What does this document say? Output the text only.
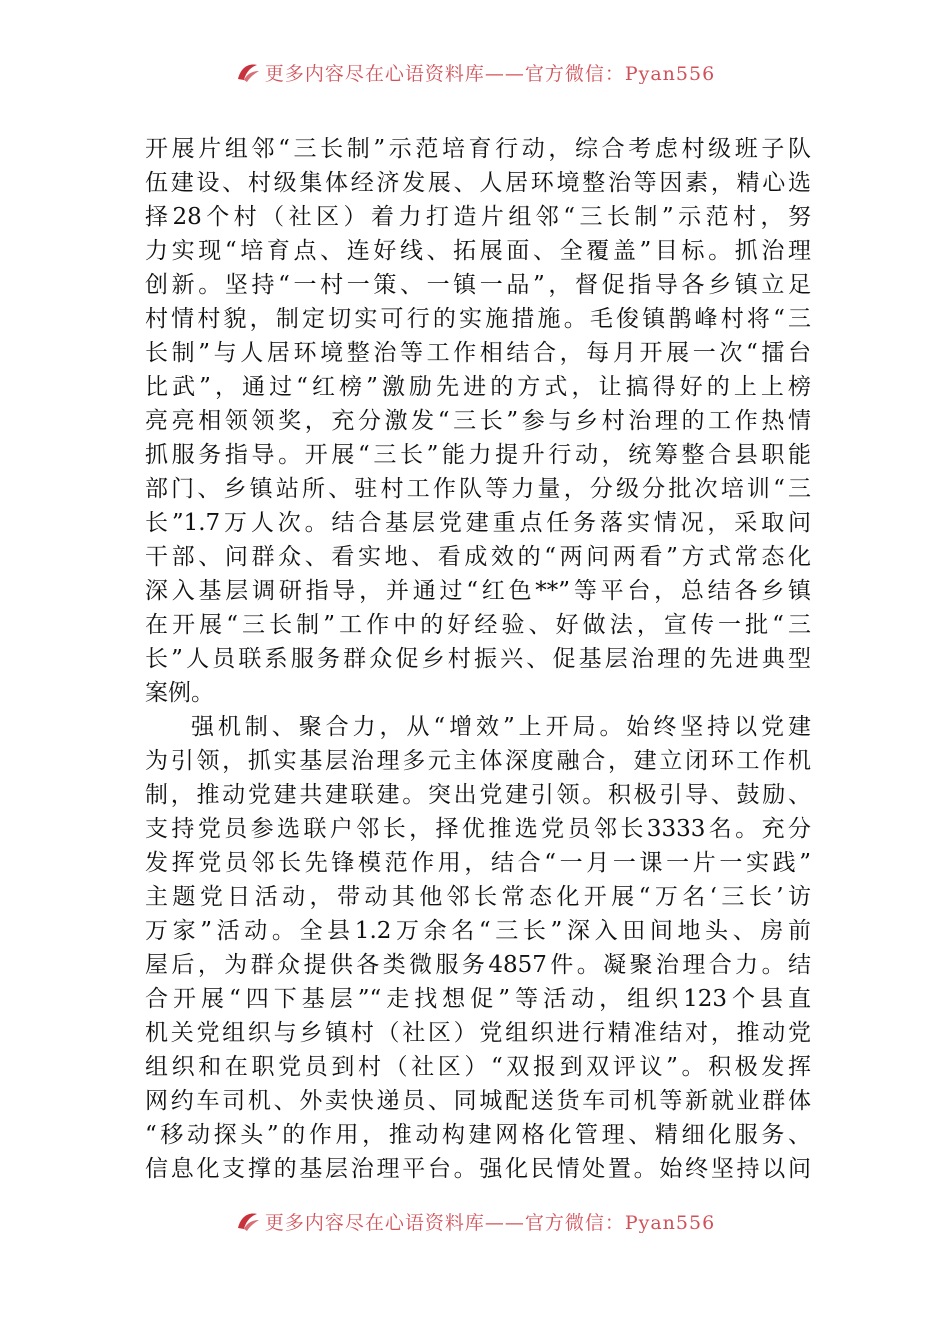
更多内容尽在心语资料库——官方微信：Pyan556
开展片组邻“三长制”示范培育行动，综合考虑村级班子队
伍建设、村级集体经济发展、人居环境整治等因素，精心选
择28个村（社区）着力打造片组邻“三长制”示范村，努
力实现“培育点、连好线、拓展面、全覆盖”目标。抓治理
创新。坚持“一村一策、一镇一品”，督促指导各乡镇立足
村情村貌，制定切实可行的实施措施。毛俊镇鹊峰村将“三
长制”与人居环境整治等工作相结合，每月开展一次“擂台
比武”，通过“红榜”激励先进的方式，让搞得好的上上榜
亮亮相领领奖，充分激发“三长”参与乡村治理的工作热情
抓服务指导。开展“三长”能力提升行动，统筹整合县职能
部门、乡镇站所、驻村工作队等力量，分级分批次培训“三
长”1.7万人次。结合基层党建重点任务落实情况，采取问
干部、问群众、看实地、看成效的“两问两看”方式常态化
深入基层调研指导，并通过“红色**”等平台，总结各乡镇
在开展“三长制”工作中的好经验、好做法，宣传一批“三
长”人员联系服务群众促乡村振兴、促基层治理的先进典型
案例。
强机制、聚合力，从“增效”上开局。始终坚持以党建
为引领，抓实基层治理多元主体深度融合，建立闭环工作机
制，推动党建共建联建。突出党建引领。积极引导、鼓励、
支持党员参选联户邻长，择优推选党员邻长3333名。充分
发挥党员邻长先锋模范作用，结合“一月一课一片一实践”
主题党日活动，带动其他邻长常态化开展“万名‘三长’访
万家”活动。全县1.2万余名“三长”深入田间地头、房前
屋后，为群众提供各类微服务4857件。凝聚治理合力。结
合开展“四下基层”“走找想促”等活动，组织123个县直
机关党组织与乡镇村（社区）党组织进行精准结对，推动党
组织和在职党员到村（社区）“双报到双评议”。积极发挥
网约车司机、外卖快递员、同城配送货车司机等新就业群体
“移动探头”的作用，推动构建网格化管理、精细化服务、
信息化支撑的基层治理平台。强化民情处置。始终坚持以问
更多内容尽在心语资料库——官方微信：Pyan556
